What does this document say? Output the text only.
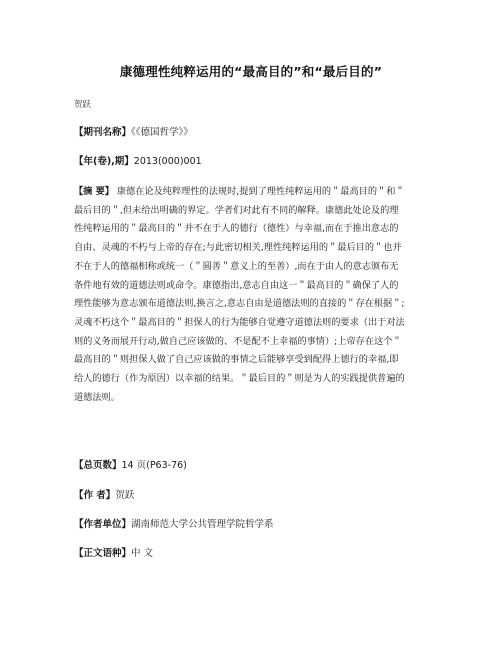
康德理性纯粹运用的“最高目的”和“最后目的”
贺跃
【期刊名称】《《德国哲学》》
【年(卷),期】2013(000)001
【摘 要】 康德在论及纯粹理性的法规时,提到了理性纯粹运用的＂最高目的＂和＂
最后目的＂,但未给出明确的界定。学者们对此有不同的解释。康德此处论及的理
性纯粹运用的＂最高目的＂并不在于人的德行（德性）与幸福,而在于推出意志的
自由、灵魂的不朽与上帝的存在;与此密切相关,理性纯粹运用的＂最后目的＂也并
不在于人的德福相称或统一（＂圆善＂意义上的至善）,而在于由人的意志颁布无
条件地有效的道德法则或命令。康德指出,意志自由这一＂最高目的＂确保了人的
理性能够为意志颁布道德法则,换言之,意志自由是道德法则的直接的＂存在根据＂;
灵魂不朽这个＂最高目的＂担保人的行为能够自觉遵守道德法则的要求（出于对法
则的义务而展开行动,做自己应该做的、不是配不上幸福的事情）;上帝存在这个＂
最高目的＂则担保人做了自己应该做的事情之后能够享受到配得上德行的幸福,即
给人的德行（作为原因）以幸福的结果。＂最后目的＂则是为人的实践提供普遍的
道德法则。
【总页数】14 页(P63-76)
【作 者】贺跃
【作者单位】湖南师范大学公共管理学院哲学系
【正文语种】中 文
